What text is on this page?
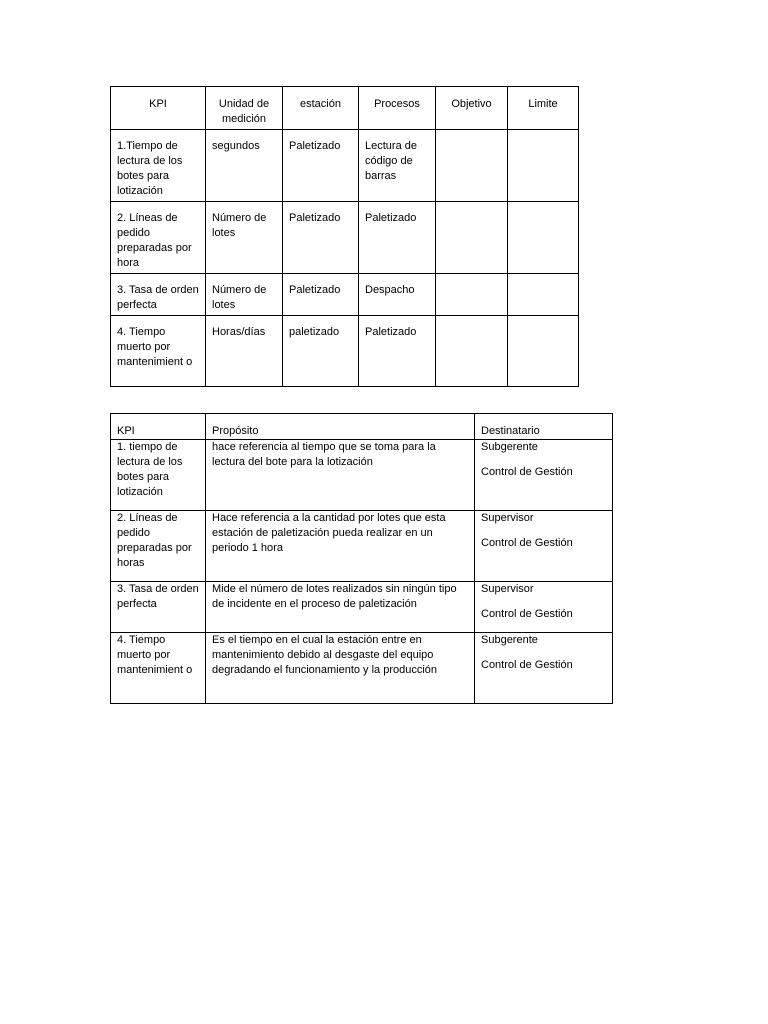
KPI	Unidad de medición	estación	Procesos	Objetivo	Limite
1.Tiempo de lectura de los botes para lotización	segundos	Paletizado	Lectura de código de barras		
2. Líneas de pedido preparadas por hora	Número de lotes	Paletizado	Paletizado		
3. Tasa de orden perfecta	Número de lotes	Paletizado	Despacho		
4. Tiempo muerto por mantenimient o	Horas/días	paletizado	Paletizado		
KPI	Propósito	Destinatario
1. tiempo de lectura de los botes para lotización	hace referencia al tiempo que se toma para la lectura del bote para la lotización	Subgerente
Control de Gestión

2. Líneas de pedido preparadas por horas	Hace referencia a la cantidad por lotes que esta estación de paletización pueda realizar en un periodo 1 hora	Supervisor
Control de Gestión

3. Tasa de orden perfecta	Mide el número de lotes realizados sin ningún tipo de incidente en el proceso de paletización	Supervisor
Control de Gestión

4. Tiempo muerto por mantenimient o	Es el tiempo en el cual la estación entre en mantenimiento debido al desgaste del equipo degradando el funcionamiento y la producción	Subgerente
Control de Gestión
